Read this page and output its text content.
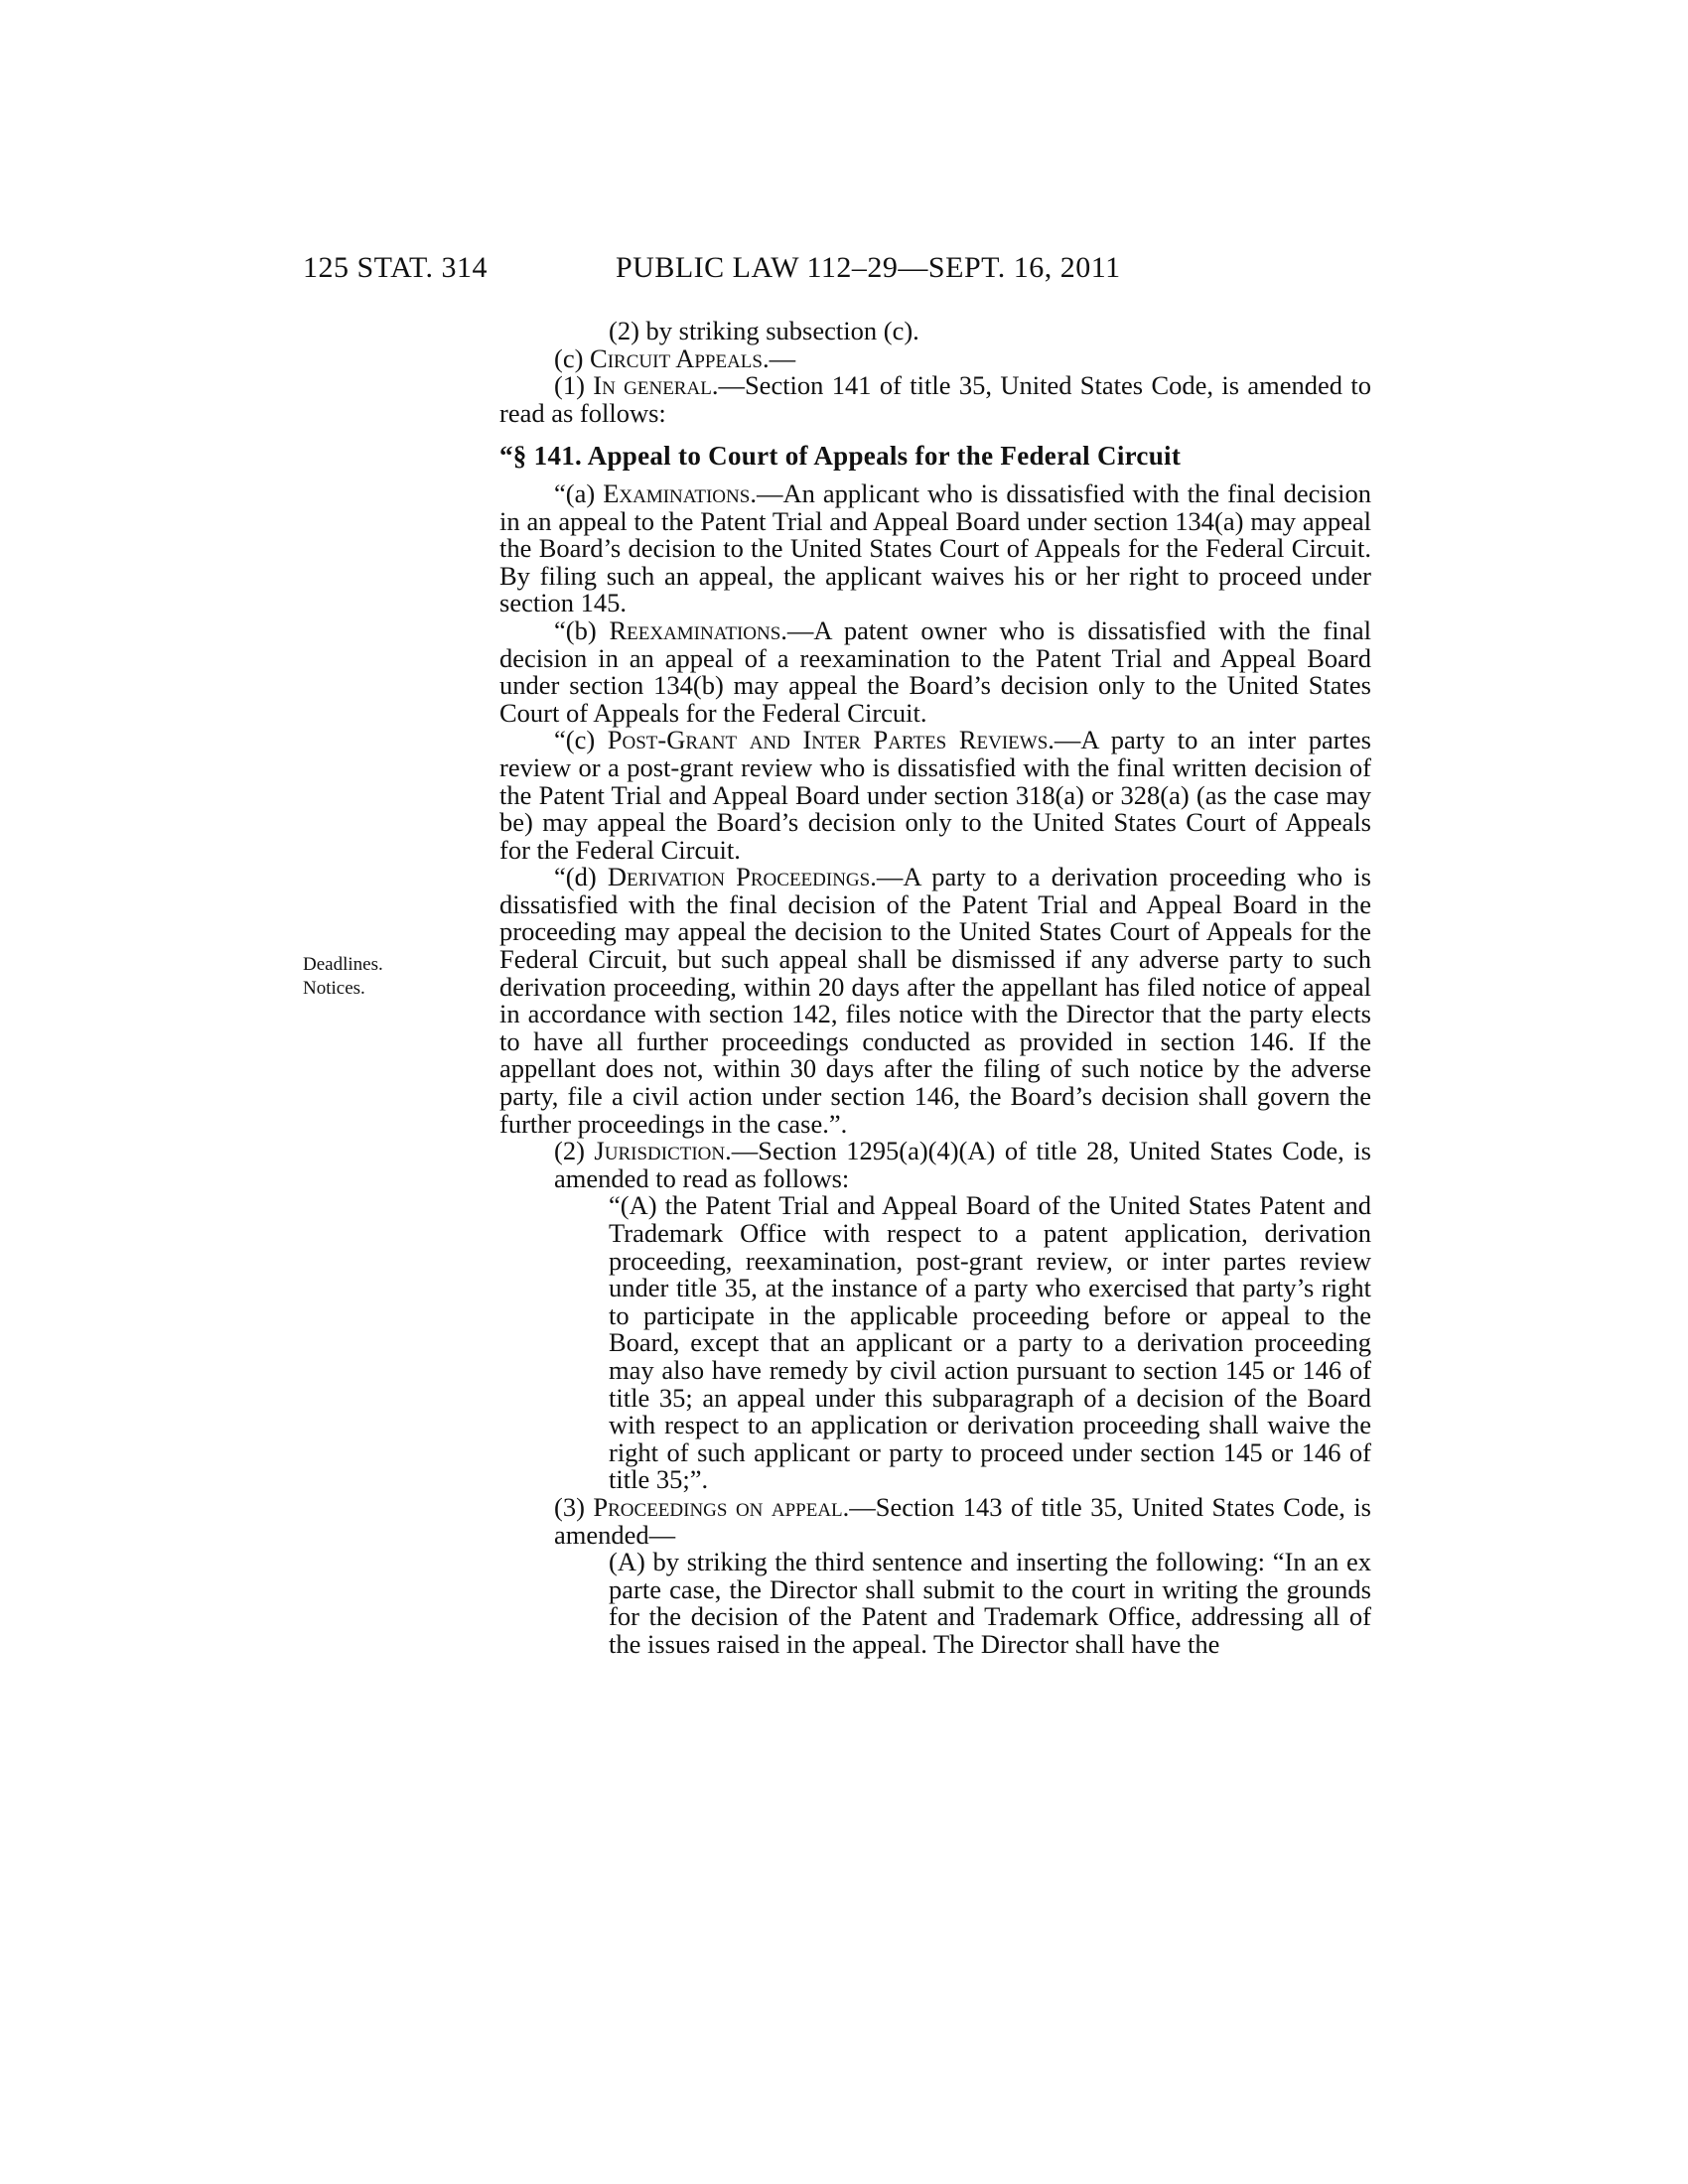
125 STAT. 314	PUBLIC LAW 112–29—SEPT. 16, 2011
Deadlines.
Notices.

(2) by striking subsection (c).

(c) Circuit Appeals.—

(1) In general.—Section 141 of title 35, United States Code, is amended to read as follows:

“§ 141. Appeal to Court of Appeals for the Federal Circuit

“(a) Examinations.—An applicant who is dissatisfied with the final decision in an appeal to the Patent Trial and Appeal Board under section 134(a) may appeal the Board’s decision to the United States Court of Appeals for the Federal Circuit. By filing such an appeal, the applicant waives his or her right to proceed under section 145.

“(b) Reexaminations.—A patent owner who is dissatisfied with the final decision in an appeal of a reexamination to the Patent Trial and Appeal Board under section 134(b) may appeal the Board’s decision only to the United States Court of Appeals for the Federal Circuit.

“(c) Post-Grant and Inter Partes Reviews.—A party to an inter partes review or a post-grant review who is dissatisfied with the final written decision of the Patent Trial and Appeal Board under section 318(a) or 328(a) (as the case may be) may appeal the Board’s decision only to the United States Court of Appeals for the Federal Circuit.

“(d) Derivation Proceedings.—A party to a derivation proceeding who is dissatisfied with the final decision of the Patent Trial and Appeal Board in the proceeding may appeal the decision to the United States Court of Appeals for the Federal Circuit, but such appeal shall be dismissed if any adverse party to such derivation proceeding, within 20 days after the appellant has filed notice of appeal in accordance with section 142, files notice with the Director that the party elects to have all further proceedings conducted as provided in section 146. If the appellant does not, within 30 days after the filing of such notice by the adverse party, file a civil action under section 146, the Board’s decision shall govern the further proceedings in the case.”.

(2) Jurisdiction.—Section 1295(a)(4)(A) of title 28, United States Code, is amended to read as follows:

“(A) the Patent Trial and Appeal Board of the United States Patent and Trademark Office with respect to a patent application, derivation proceeding, reexamination, post-grant review, or inter partes review under title 35, at the instance of a party who exercised that party’s right to participate in the applicable proceeding before or appeal to the Board, except that an applicant or a party to a derivation proceeding may also have remedy by civil action pursuant to section 145 or 146 of title 35; an appeal under this subparagraph of a decision of the Board with respect to an application or derivation proceeding shall waive the right of such applicant or party to proceed under section 145 or 146 of title 35;”.

(3) Proceedings on appeal.—Section 143 of title 35, United States Code, is amended—

(A) by striking the third sentence and inserting the following: “In an ex parte case, the Director shall submit to the court in writing the grounds for the decision of the Patent and Trademark Office, addressing all of the issues raised in the appeal. The Director shall have the
